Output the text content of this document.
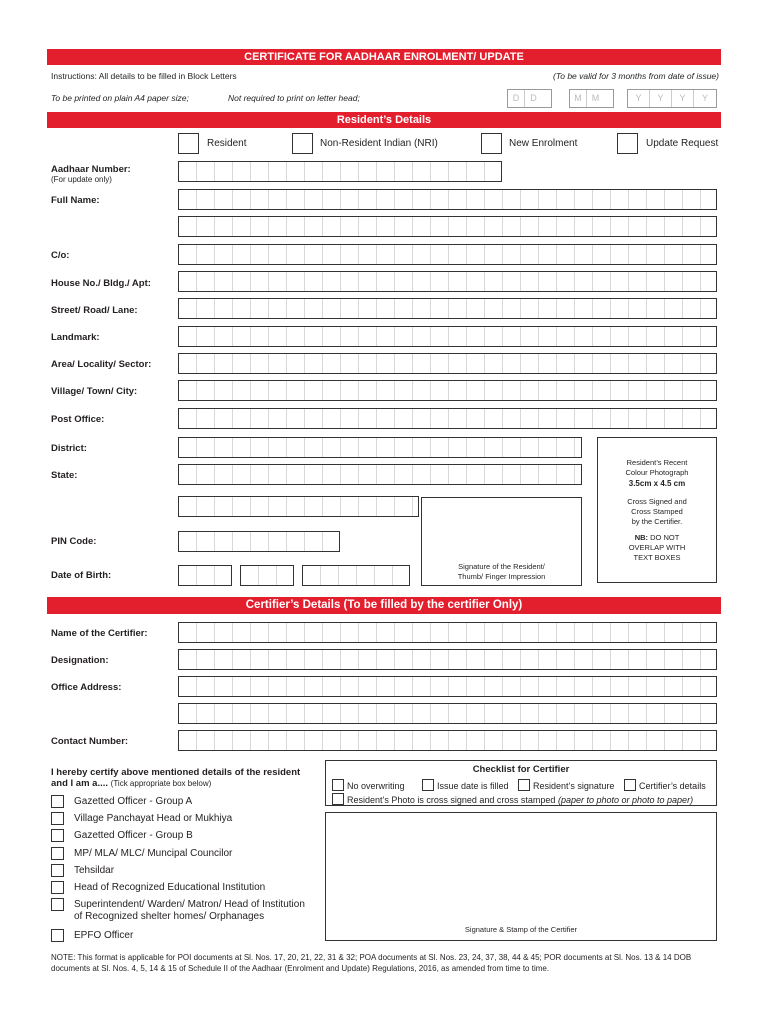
CERTIFICATE FOR AADHAAR ENROLMENT/ UPDATE
Instructions: All details to be filled in Block Letters	(To be valid for 3 months from date of issue)
To be printed on plain A4 paper size;	Not required to print on letter head;	D	D	M	M	Y	Y	Y	Y
Resident’s Details
Resident	Non-Resident Indian (NRI)	New Enrolment	Update Request
Aadhaar Number:
(For update only)
Full Name:
C/o:
House No./ Bldg./ Apt:
Street/ Road/ Lane:
Landmark:
Area/ Locality/ Sector:
Village/ Town/ City:
Post Office:
District:
State:
PIN Code:
Date of Birth:
Signature of the Resident/
Thumb/ Finger Impression
Resident’s Recent
Colour Photograph
3.5cm x 4.5 cm
Cross Signed and
Cross Stamped
by the Certifier.
NB: DO NOT
OVERLAP WITH
TEXT BOXES
Certifier’s Details (To be filled by the certifier Only)
Name of the Certifier:
Designation:
Office Address:
Contact Number:
I hereby certify above mentioned details of the resident and I am a.... (Tick appropriate box below)
Gazetted Officer - Group A
Village Panchayat Head or Mukhiya
Gazetted Officer - Group B
MP/ MLA/ MLC/ Muncipal Councilor
Tehsildar
Head of Recognized Educational Institution
Superintendent/ Warden/ Matron/ Head of Institution
of Recognized shelter homes/ Orphanages
EPFO Officer
Checklist for Certifier
No overwriting	Issue date is filled	Resident’s signature	Certifier’s details
Resident’s Photo is cross signed and cross stamped (paper to photo or photo to paper)
Signature & Stamp of the Certifier
NOTE: This format is applicable for POI documents at Sl. Nos. 17, 20, 21, 22, 31 & 32; POA documents at Sl. Nos. 23, 24, 37, 38, 44 & 45; POR documents at Sl. Nos. 13 & 14 DOB documents at Sl. Nos. 4, 5, 14 & 15 of Schedule II of the Aadhaar (Enrolment and Update) Regulations, 2016, as amended from time to time.
